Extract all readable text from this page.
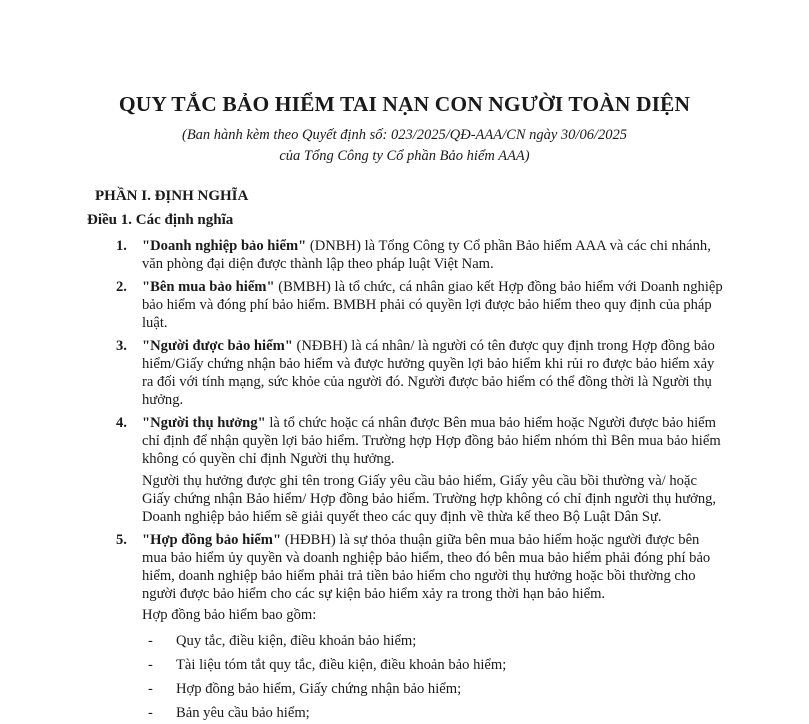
QUY TẮC BẢO HIỂM TAI NẠN CON NGƯỜI TOÀN DIỆN
(Ban hành kèm theo Quyết định số: 023/2025/QĐ-AAA/CN ngày 30/06/2025
của Tổng Công ty Cổ phần Bảo hiểm AAA)
PHẦN I. ĐỊNH NGHĨA
Điều 1. Các định nghĩa
1. "Doanh nghiệp bảo hiểm" (DNBH) là Tổng Công ty Cổ phần Bảo hiểm AAA và các chi nhánh, văn phòng đại diện được thành lập theo pháp luật Việt Nam.
2. "Bên mua bảo hiểm" (BMBH) là tổ chức, cá nhân giao kết Hợp đồng bảo hiểm với Doanh nghiệp bảo hiểm và đóng phí bảo hiểm. BMBH phải có quyền lợi được bảo hiểm theo quy định của pháp luật.
3. "Người được bảo hiểm" (NĐBH) là cá nhân/ là người có tên được quy định trong Hợp đồng bảo hiểm/Giấy chứng nhận bảo hiểm và được hưởng quyền lợi bảo hiểm khi rủi ro được bảo hiểm xảy ra đối với tính mạng, sức khỏe của người đó. Người được bảo hiểm có thể đồng thời là Người thụ hưởng.
4. "Người thụ hưởng" là tổ chức hoặc cá nhân được Bên mua bảo hiểm hoặc Người được bảo hiểm chỉ định để nhận quyền lợi bảo hiểm. Trường hợp Hợp đồng bảo hiểm nhóm thì Bên mua bảo hiểm không có quyền chỉ định Người thụ hưởng.
Người thụ hưởng được ghi tên trong Giấy yêu cầu bảo hiểm, Giấy yêu cầu bồi thường và/ hoặc Giấy chứng nhận Bảo hiểm/ Hợp đồng bảo hiểm. Trường hợp không có chỉ định người thụ hưởng, Doanh nghiệp bảo hiểm sẽ giải quyết theo các quy định về thừa kế theo Bộ Luật Dân Sự.
5. "Hợp đồng bảo hiểm" (HĐBH) là sự thỏa thuận giữa bên mua bảo hiểm hoặc người được bên mua bảo hiểm ủy quyền và doanh nghiệp bảo hiểm, theo đó bên mua bảo hiểm phải đóng phí bảo hiểm, doanh nghiệp bảo hiểm phải trả tiền bảo hiểm cho người thụ hưởng hoặc bồi thường cho người được bảo hiểm cho các sự kiện bảo hiểm xảy ra trong thời hạn bảo hiểm.
Hợp đồng bảo hiểm bao gồm:
- Quy tắc, điều kiện, điều khoản bảo hiểm;
- Tài liệu tóm tắt quy tắc, điều kiện, điều khoản bảo hiểm;
- Hợp đồng bảo hiểm, Giấy chứng nhận bảo hiểm;
- Bản yêu cầu bảo hiểm;
